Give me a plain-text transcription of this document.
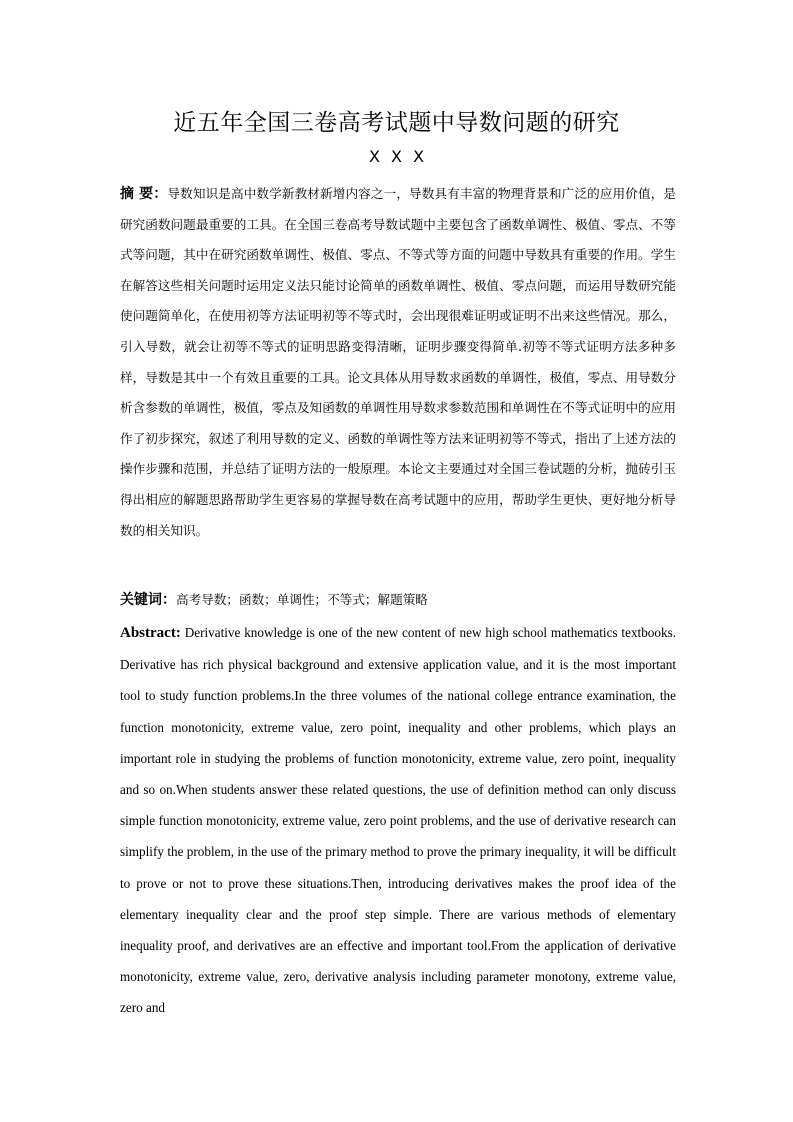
近五年全国三卷高考试题中导数问题的研究
X X X
摘 要：导数知识是高中数学新教材新增内容之一，导数具有丰富的物理背景和广泛的应用价值，是研究函数问题最重要的工具。在全国三卷高考导数试题中主要包含了函数单调性、极值、零点、不等式等问题，其中在研究函数单调性、极值、零点、不等式等方面的问题中导数具有重要的作用。学生在解答这些相关问题时运用定义法只能讨论简单的函数单调性、极值、零点问题，而运用导数研究能使问题简单化，在使用初等方法证明初等不等式时，会出现很难证明或证明不出来这些情况。那么，引入导数，就会让初等不等式的证明思路变得清晰，证明步骤变得简单.初等不等式证明方法多种多样，导数是其中一个有效且重要的工具。论文具体从用导数求函数的单调性，极值，零点、用导数分析含参数的单调性，极值，零点及知函数的单调性用导数求参数范围和单调性在不等式证明中的应用作了初步探究，叙述了利用导数的定义、函数的单调性等方法来证明初等不等式，指出了上述方法的操作步骤和范围，并总结了证明方法的一般原理。本论文主要通过对全国三卷试题的分析，抛砖引玉得出相应的解题思路帮助学生更容易的掌握导数在高考试题中的应用，帮助学生更快、更好地分析导数的相关知识。
关键词：高考导数；函数；单调性；不等式；解题策略
Abstract: Derivative knowledge is one of the new content of new high school mathematics textbooks. Derivative has rich physical background and extensive application value, and it is the most important tool to study function problems.In the three volumes of the national college entrance examination, the function monotonicity, extreme value, zero point, inequality and other problems, which plays an important role in studying the problems of function monotonicity, extreme value, zero point, inequality and so on.When students answer these related questions, the use of definition method can only discuss simple function monotonicity, extreme value, zero point problems, and the use of derivative research can simplify the problem, in the use of the primary method to prove the primary inequality, it will be difficult to prove or not to prove these situations.Then, introducing derivatives makes the proof idea of the elementary inequality clear and the proof step simple. There are various methods of elementary inequality proof, and derivatives are an effective and important tool.From the application of derivative monotonicity, extreme value, zero, derivative analysis including parameter monotony, extreme value, zero and
